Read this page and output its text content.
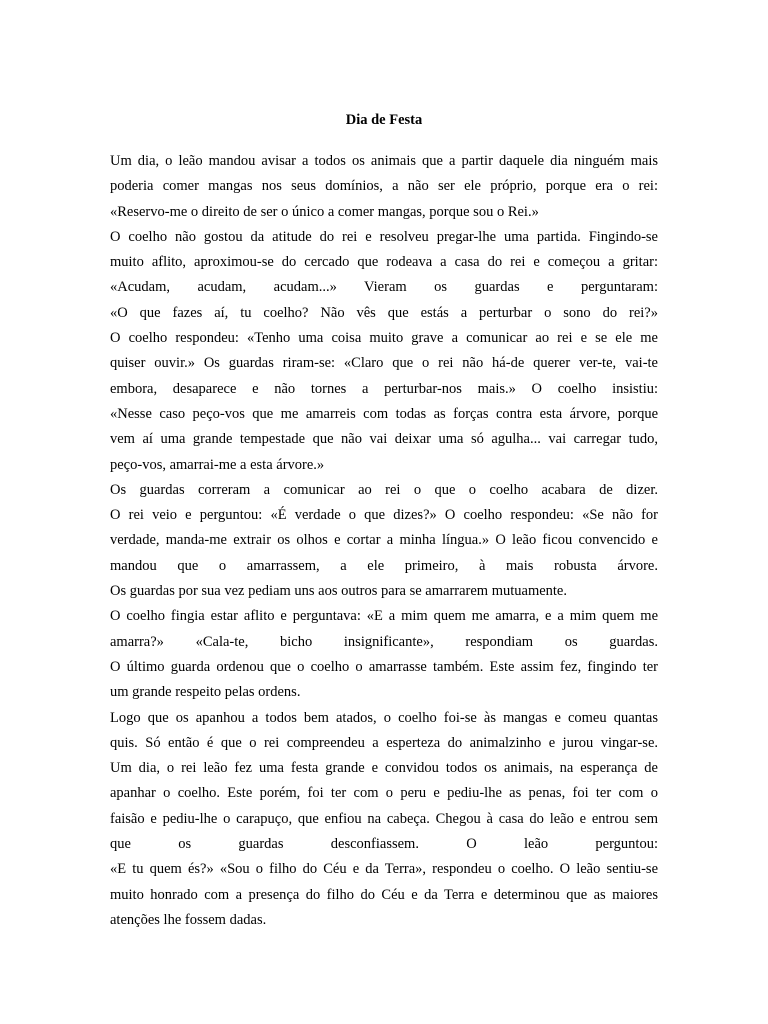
Dia de Festa
Um dia, o leão mandou avisar a todos os animais que a partir daquele dia ninguém mais
poderia comer mangas nos seus domínios, a não ser ele próprio, porque era o rei:
«Reservo-me o direito de ser o único a comer mangas, porque sou o Rei.»
O coelho não gostou da atitude do rei e resolveu pregar-lhe uma partida. Fingindo-se
muito aflito, aproximou-se do cercado que rodeava a casa do rei e começou a gritar:
«Acudam, acudam, acudam...» Vieram os guardas e perguntaram:
«O que fazes aí, tu coelho? Não vês que estás a perturbar o sono do rei?»
O coelho respondeu: «Tenho uma coisa muito grave a comunicar ao rei e se ele me
quiser ouvir.» Os guardas riram-se: «Claro que o rei não há-de querer ver-te, vai-te
embora, desaparece e não tornes a perturbar-nos mais.» O coelho insistiu:
«Nesse caso peço-vos que me amarreis com todas as forças contra esta árvore, porque
vem aí uma grande tempestade que não vai deixar uma só agulha... vai carregar tudo,
peço-vos, amarrai-me a esta árvore.»
Os guardas correram a comunicar ao rei o que o coelho acabara de dizer.
O rei veio e perguntou: «É verdade o que dizes?» O coelho respondeu: «Se não for
verdade, manda-me extrair os olhos e cortar a minha língua.» O leão ficou convencido e
mandou que o amarrassem, a ele primeiro, à mais robusta árvore.
Os guardas por sua vez pediam uns aos outros para se amarrarem mutuamente.
O coelho fingia estar aflito e perguntava: «E a mim quem me amarra, e a mim quem me
amarra?» «Cala-te, bicho insignificante», respondiam os guardas.
O último guarda ordenou que o coelho o amarrasse também. Este assim fez, fingindo ter
um grande respeito pelas ordens.
Logo que os apanhou a todos bem atados, o coelho foi-se às mangas e comeu quantas
quis. Só então é que o rei compreendeu a esperteza do animalzinho e jurou vingar-se.
Um dia, o rei leão fez uma festa grande e convidou todos os animais, na esperança de
apanhar o coelho. Este porém, foi ter com o peru e pediu-lhe as penas, foi ter com o
faisão e pediu-lhe o carapuço, que enfiou na cabeça. Chegou à casa do leão e entrou sem
que os guardas desconfiassem. O leão perguntou:
«E tu quem és?» «Sou o filho do Céu e da Terra», respondeu o coelho. O leão sentiu-se
muito honrado com a presença do filho do Céu e da Terra e determinou que as maiores
atenções lhe fossem dadas.
